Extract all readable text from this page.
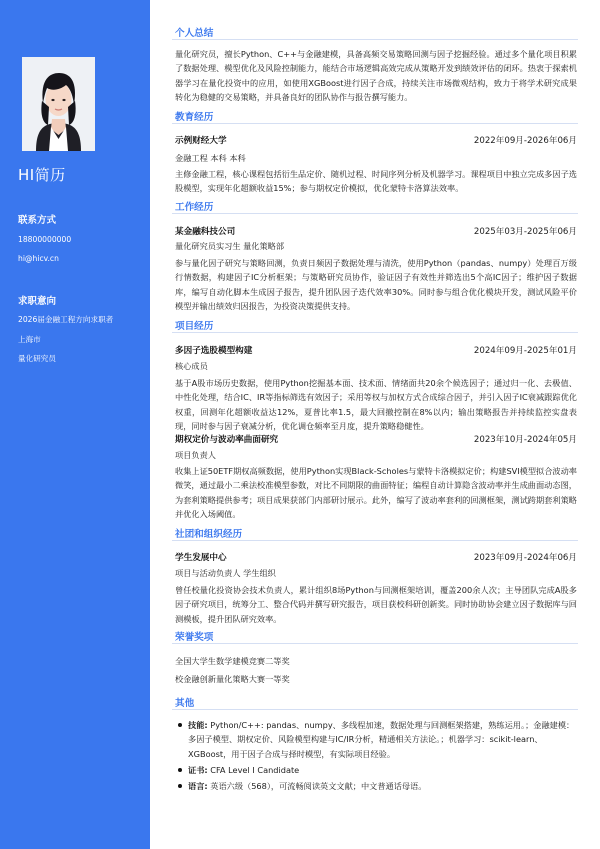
HI简历
联系方式
18800000000
hi@hicv.cn
求职意向
2026届金融工程方向求职者
上海市
量化研究员
个人总结
量化研究员，擅长Python、C++与金融建模，具备高频交易策略回测与因子挖掘经验。通过多个量化项目积累了数据处理、模型优化及风险控制能力，能结合市场逻辑高效完成从策略开发到绩效评估的闭环。热衷于探索机器学习在量化投资中的应用，如使用XGBoost进行因子合成，持续关注市场微观结构，致力于将学术研究成果转化为稳健的交易策略，并具备良好的团队协作与报告撰写能力。
教育经历
示例财经大学	2022年09月-2026年06月
金融工程 本科 本科
主修金融工程，核心课程包括衍生品定价、随机过程、时间序列分析及机器学习。课程项目中独立完成多因子选股模型，实现年化超额收益15%；参与期权定价模拟，优化蒙特卡洛算法效率。
工作经历
某金融科技公司	2025年03月-2025年06月
量化研究员实习生 量化策略部
参与量化因子研究与策略回测，负责日频因子数据处理与清洗，使用Python（pandas、numpy）处理百万级行情数据，构建因子IC分析框架；与策略研究员协作，验证因子有效性并筛选出5个高IC因子；维护因子数据库，编写自动化脚本生成因子报告，提升团队因子迭代效率30%。同时参与组合优化模块开发，测试风险平价模型并输出绩效归因报告，为投资决策提供支持。
项目经历
多因子选股模型构建	2024年09月-2025年01月
核心成员
基于A股市场历史数据，使用Python挖掘基本面、技术面、情绪面共20余个候选因子；通过归一化、去极值、中性化处理，结合IC、IR等指标筛选有效因子；采用等权与加权方式合成综合因子，并引入因子IC衰减跟踪优化权重，回测年化超额收益达12%，夏普比率1.5，最大回撤控制在8%以内；输出策略报告并持续监控实盘表现，同时参与因子衰减分析，优化调仓频率至月度，提升策略稳健性。
期权定价与波动率曲面研究	2023年10月-2024年05月
项目负责人
收集上证50ETF期权高频数据，使用Python实现Black-Scholes与蒙特卡洛模拟定价；构建SVI模型拟合波动率微笑，通过最小二乘法校准模型参数，对比不同期限的曲面特征；编程自动计算隐含波动率并生成曲面动态图，为套利策略提供参考；项目成果获部门内部研讨展示。此外，编写了波动率套利的回测框架，测试跨期套利策略并优化入场阈值。
社团和组织经历
学生发展中心	2023年09月-2024年06月
项目与活动负责人 学生组织
曾任校量化投资协会技术负责人，累计组织8场Python与回测框架培训，覆盖200余人次；主导团队完成A股多因子研究项目，统筹分工、整合代码并撰写研究报告，项目获校科研创新奖。同时协助协会建立因子数据库与回测模板，提升团队研究效率。
荣誉奖项
全国大学生数学建模竞赛二等奖
校金融创新量化策略大赛一等奖
其他
技能: Python/C++: pandas、numpy、多线程加速，数据处理与回测框架搭建，熟练运用。；金融建模：多因子模型、期权定价、风险模型构建与IC/IR分析，精通相关方法论。；机器学习：scikit-learn、XGBoost，用于因子合成与择时模型，有实际项目经验。
证书: CFA Level I Candidate
语言: 英语六级（568），可流畅阅读英文文献；中文普通话母语。
